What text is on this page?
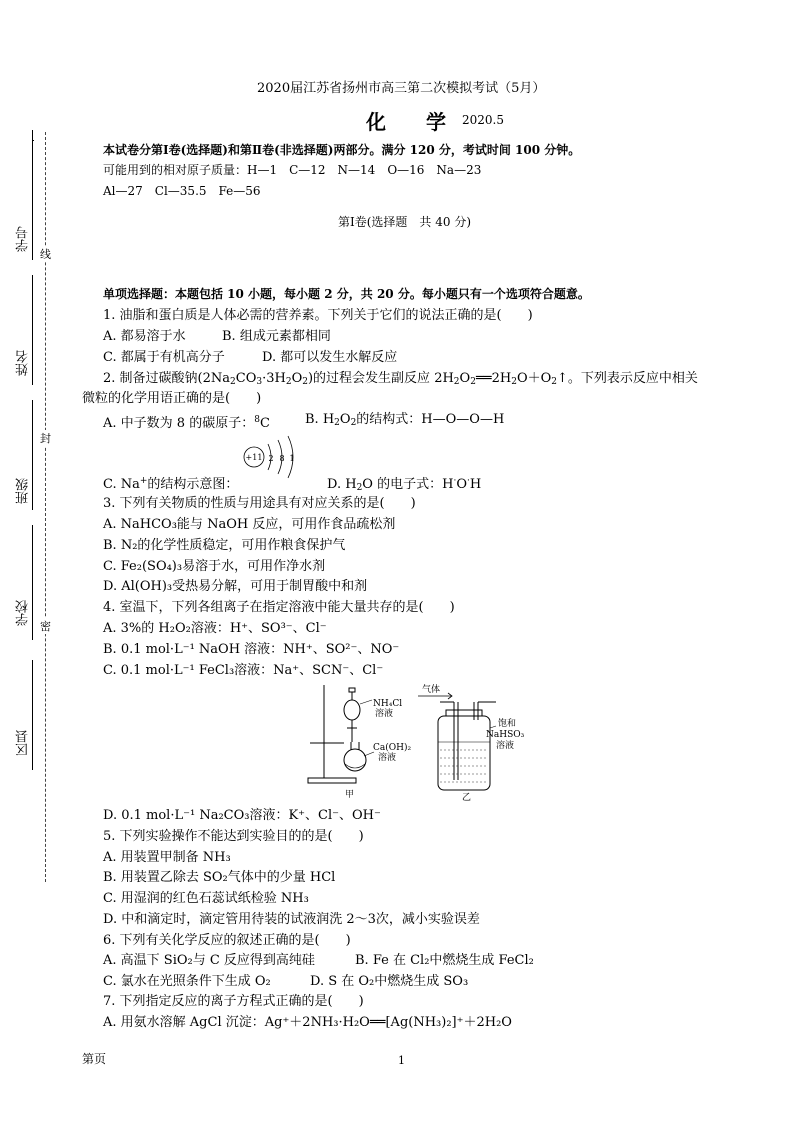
学号
姓名
班级
学校
区县
线
封
密
2020届江苏省扬州市高三第二次模拟考试（5月）
化　　学 2020.5
本试卷分第Ⅰ卷(选择题)和第Ⅱ卷(非选择题)两部分。满分 120 分，考试时间 100 分钟。
可能用到的相对原子质量：H—1　C—12　N—14　O—16　Na—23
Al—27　Cl—35.5　Fe—56
第Ⅰ卷(选择题　共 40 分)
单项选择题：本题包括 10 小题，每小题 2 分，共 20 分。每小题只有一个选项符合题意。
1. 油脂和蛋白质是人体必需的营养素。下列关于它们的说法正确的是(　　)
A. 都易溶于水	B. 组成元素都相同
C. 都属于有机高分子	D. 都可以发生水解反应
2. 制备过碳酸钠$(2Na_2CO_3\cdot 3H_2O_2)$的过程会发生副反应 $2H_2O_2══2H_2O+O_2↑$。下列表示反应中相关
微粒的化学用语正确的是(　　)
A. 中子数为 8 的碳原子：$^8$C	B. $H_2O_2$的结构式：H—O—O—H
+11 2 8 1
C. Na+的结构示意图：	D. $H_2O$ 的电子式：H·O·H
3. 下列有关物质的性质与用途具有对应关系的是(　　)
A. NaHCO₃能与 NaOH 反应，可用作食品疏松剂
B. N₂的化学性质稳定，可用作粮食保护气
C. Fe₂(SO₄)₃易溶于水，可用作净水剂
D. Al(OH)₃受热易分解，可用于制胃酸中和剂
4. 室温下，下列各组离子在指定溶液中能大量共存的是(　　)
A. 3%的 H₂O₂溶液：H⁺、SO³⁻、Cl⁻
B. 0.1 mol·L⁻¹ NaOH 溶液：NH⁺、SO²⁻、NO⁻
C. 0.1 mol·L⁻¹ FeCl₃溶液：Na⁺、SCN⁻、Cl⁻
NH₄Cl
溶液
Ca(OH)₂
溶液
甲
气体
饱和
NaHSO₃
溶液
乙
D. 0.1 mol·L⁻¹ Na₂CO₃溶液：K⁺、Cl⁻、OH⁻
5. 下列实验操作不能达到实验目的的是(　　)
A. 用装置甲制备 NH₃
B. 用装置乙除去 SO₂气体中的少量 HCl
C. 用湿润的红色石蕊试纸检验 NH₃
D. 中和滴定时，滴定管用待装的试液润洗 2～3次，减小实验误差
6. 下列有关化学反应的叙述正确的是(　　)
A. 高温下 SiO₂与 C 反应得到高纯硅	B. Fe 在 Cl₂中燃烧生成 FeCl₂
C. 氯水在光照条件下生成 O₂	D. S 在 O₂中燃烧生成 SO₃
7. 下列指定反应的离子方程式正确的是(　　)
A. 用氨水溶解 AgCl 沉淀：Ag⁺＋2NH₃·H₂O══[Ag(NH₃)₂]⁺＋2H₂O
第页	1
